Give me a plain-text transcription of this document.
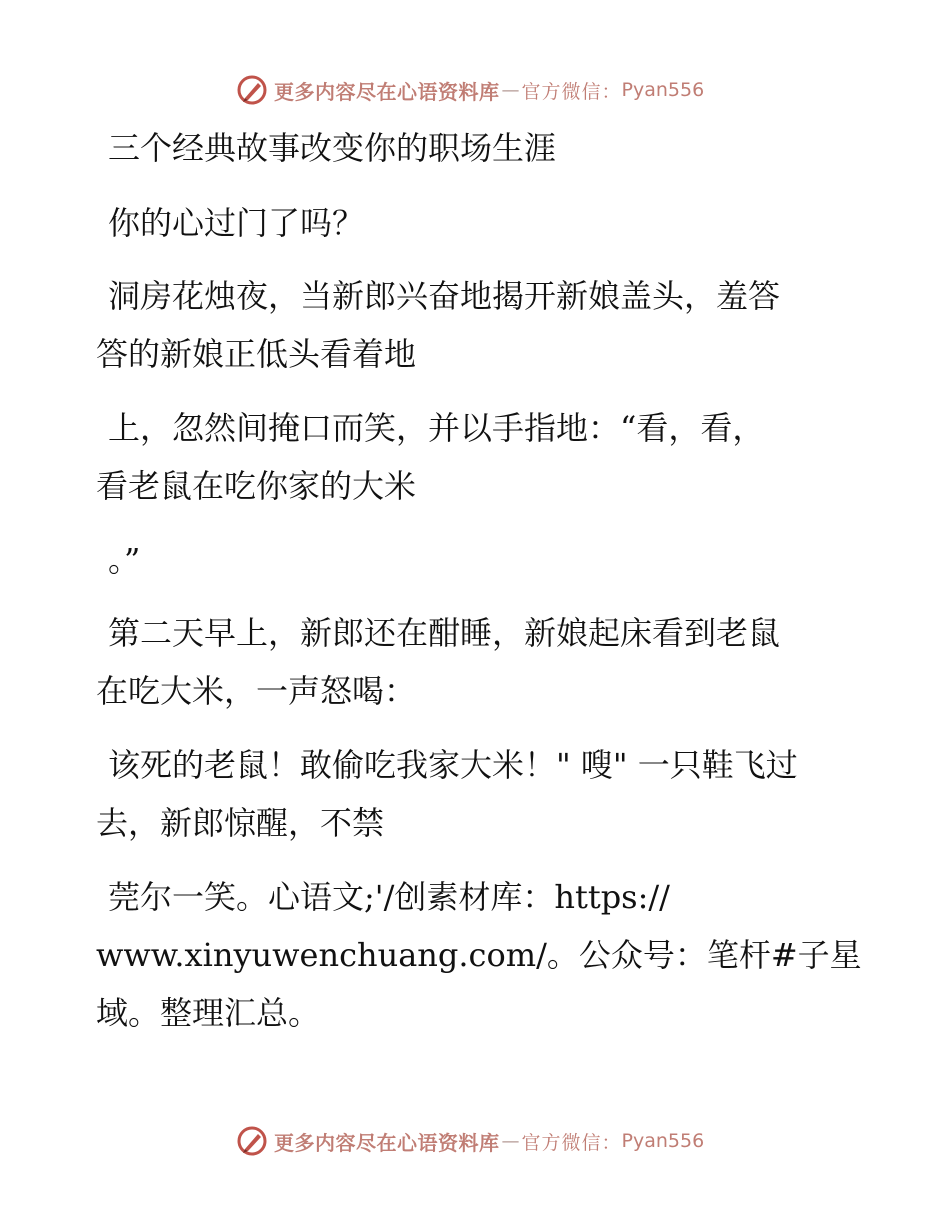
更多内容尽在心语资料库 — 官方微信： Pyan556
三个经典故事改变你的职场生涯
你的心过门了吗？
洞房花烛夜，当新郎兴奋地揭开新娘盖头，羞答
答的新娘正低头看着地
上，忽然间掩口而笑，并以手指地：“看，看，
看老鼠在吃你家的大米
。”
第二天早上，新郎还在酣睡，新娘起床看到老鼠
在吃大米，一声怒喝：
该死的老鼠！敢偷吃我家大米！" 嗖" 一只鞋飞过
去，新郎惊醒，不禁
莞尔一笑。心语文;'/创素材库：https://
www.xinyuwenchuang.com/。公众号：笔杆#子星
域。整理汇总。
更多内容尽在心语资料库 — 官方微信： Pyan556
